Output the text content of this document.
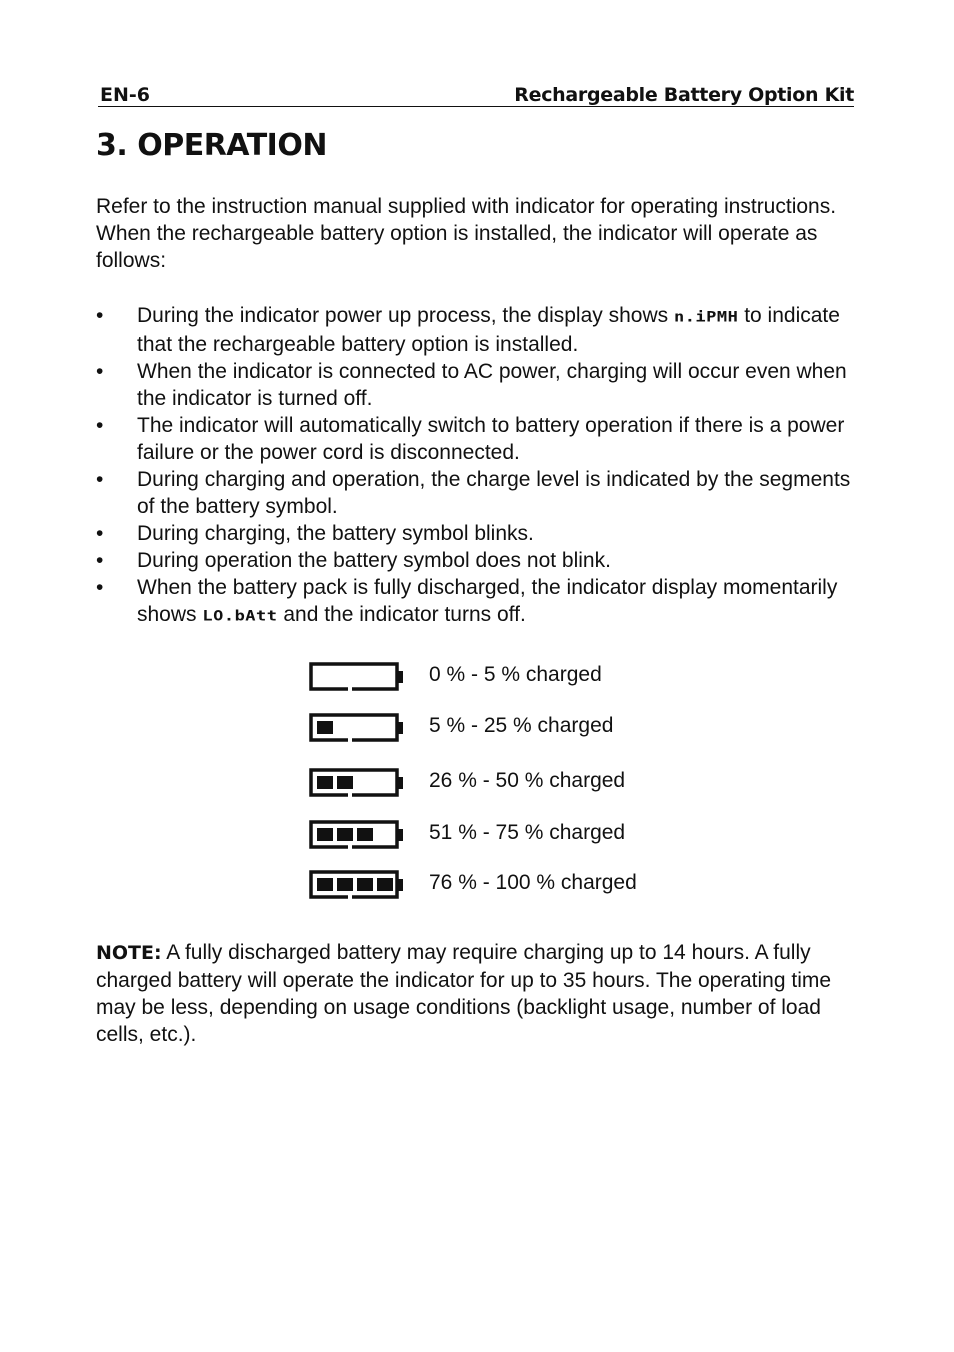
EN-6	Rechargeable Battery Option Kit
3. OPERATION

Refer to the instruction manual supplied with indicator for operating instructions. When the rechargeable battery option is installed, the indicator will operate as follows:

•	During the indicator power up process, the display shows n.iPMH to indicate that the rechargeable battery option is installed.
•	When the indicator is connected to AC power, charging will occur even when the indicator is turned off.
•	The indicator will automatically switch to battery operation if there is a power failure or the power cord is disconnected.
•	During charging and operation, the charge level is indicated by the segments of the battery symbol.
•	During charging, the battery symbol blinks.
•	During operation the battery symbol does not blink.
•	When the battery pack is fully discharged, the indicator display momentarily shows LO.bAtt and the indicator turns off.
0 % - 5 % charged
5 % - 25 % charged
26 % - 50 % charged
51 % - 75 % charged
76 % - 100 % charged

NOTE: A fully discharged battery may require charging up to 14 hours. A fully charged battery will operate the indicator for up to 35 hours. The operating time may be less, depending on usage conditions (backlight usage, number of load cells, etc.).
